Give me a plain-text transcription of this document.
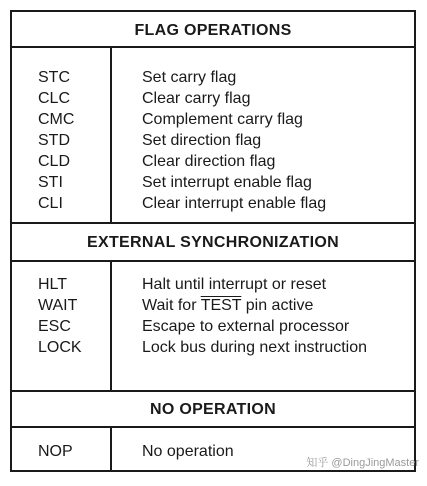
FLAG OPERATIONS
STC	Set carry flag
CLC	Clear carry flag
CMC	Complement carry flag
STD	Set direction flag
CLD	Clear direction flag
STI	Set interrupt enable flag
CLI	Clear interrupt enable flag
EXTERNAL SYNCHRONIZATION
HLT	Halt until interrupt or reset
WAIT	Wait for TEST pin active
ESC	Escape to external processor
LOCK	Lock bus during next instruction
NO OPERATION
NOP	No operation
知乎 @DingJingMaster
